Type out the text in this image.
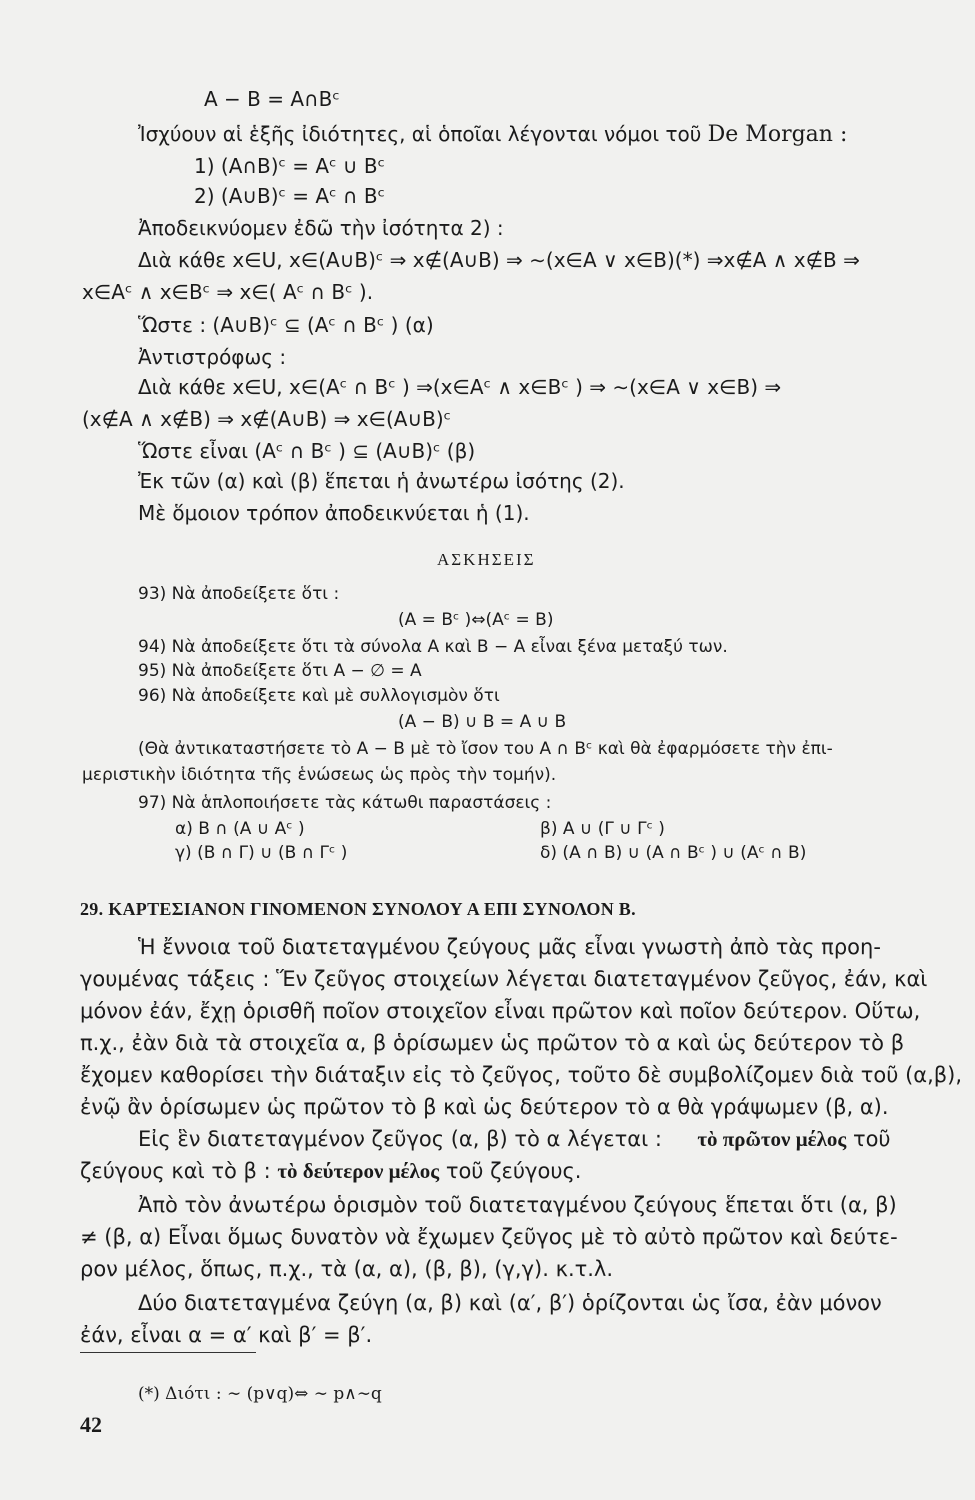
A − B = A∩Bᶜ
Ἰσχύουν αἱ ἑξῆς ἰδιότητες, αἱ ὁποῖαι λέγονται νόμοι τοῦ De Morgan :
1) (A∩B)ᶜ = Aᶜ ∪ Bᶜ
2) (A∪B)ᶜ = Aᶜ ∩ Bᶜ
Ἀποδεικνύομεν ἐδῶ τὴν ἰσότητα 2) :
Διὰ κάθε x∈U, x∈(A∪B)ᶜ ⇒ x∉(A∪B) ⇒ ∼(x∈A ∨ x∈B)(*) ⇒x∉A ∧ x∉B ⇒
x∈Aᶜ ∧ x∈Bᶜ ⇒ x∈( Aᶜ ∩ Bᶜ ).
Ὥστε : (A∪B)ᶜ ⊆ (Aᶜ ∩ Bᶜ ) (α)
Ἀντιστρόφως :
Διὰ κάθε x∈U, x∈(Aᶜ ∩ Bᶜ ) ⇒(x∈Aᶜ ∧ x∈Bᶜ ) ⇒ ∼(x∈A ∨ x∈B) ⇒
(x∉A ∧ x∉B) ⇒ x∉(A∪B) ⇒ x∈(A∪B)ᶜ
Ὥστε εἶναι (Aᶜ ∩ Bᶜ ) ⊆ (A∪B)ᶜ (β)
Ἐκ τῶν (α) καὶ (β) ἕπεται ἡ ἀνωτέρω ἰσότης (2).
Μὲ ὅμοιον τρόπον ἀποδεικνύεται ἡ (1).
ΑΣΚΗΣΕΙΣ
93) Νὰ ἀποδείξετε ὅτι :
(A = Bᶜ )⇔(Aᶜ = B)
94) Νὰ ἀποδείξετε ὅτι τὰ σύνολα A καὶ B − A εἶναι ξένα μεταξύ των.
95) Νὰ ἀποδείξετε ὅτι A − ∅ = A
96) Νὰ ἀποδείξετε καὶ μὲ συλλογισμὸν ὅτι
(A − B) ∪ B = A ∪ B
(Θὰ ἀντικαταστήσετε τὸ A − B μὲ τὸ ἴσον του A ∩ Bᶜ καὶ θὰ ἐφαρμόσετε τὴν ἐπι-
μεριστικὴν ἰδιότητα τῆς ἑνώσεως ὡς πρὸς τὴν τομήν).
97) Νὰ ἁπλοποιήσετε τὰς κάτωθι παραστάσεις :
α) B ∩ (A ∪ Aᶜ )	β) A ∪ (Γ ∪ Γᶜ )
γ) (B ∩ Γ) ∪ (B ∩ Γᶜ )	δ) (A ∩ B) ∪ (A ∩ Bᶜ ) ∪ (Aᶜ ∩ B)
29. ΚΑΡΤΕΣΙΑΝΟΝ ΓΙΝΟΜΕΝΟΝ ΣΥΝΟΛΟΥ Α ΕΠΙ ΣΥΝΟΛΟΝ Β.
Ἡ ἔννοια τοῦ διατεταγμένου ζεύγους μᾶς εἶναι γνωστὴ ἀπὸ τὰς προη-
γουμένας τάξεις : Ἕν ζεῦγος στοιχείων λέγεται διατεταγμένον ζεῦγος, ἐάν, καὶ
μόνον ἐάν, ἔχῃ ὁρισθῆ ποῖον στοιχεῖον εἶναι πρῶτον καὶ ποῖον δεύτερον. Οὕτω,
π.χ., ἐὰν διὰ τὰ στοιχεῖα α, β ὁρίσωμεν ὡς πρῶτον τὸ α καὶ ὡς δεύτερον τὸ β
ἔχομεν καθορίσει τὴν διάταξιν εἰς τὸ ζεῦγος, τοῦτο δὲ συμβολίζομεν διὰ τοῦ (α,β),
ἐνῷ ἂν ὁρίσωμεν ὡς πρῶτον τὸ β καὶ ὡς δεύτερον τὸ α θὰ γράψωμεν (β, α).
Εἰς ἓν διατεταγμένον ζεῦγος (α, β) τὸ α λέγεται : τὸ πρῶτον μέλος τοῦ
ζεύγους καὶ τὸ β : τὸ δεύτερον μέλος τοῦ ζεύγους.
Ἀπὸ τὸν ἀνωτέρω ὁρισμὸν τοῦ διατεταγμένου ζεύγους ἕπεται ὅτι (α, β)
≠ (β, α) Εἶναι ὅμως δυνατὸν νὰ ἔχωμεν ζεῦγος μὲ τὸ αὐτὸ πρῶτον καὶ δεύτε-
ρον μέλος, ὅπως, π.χ., τὰ (α, α), (β, β), (γ,γ). κ.τ.λ.
Δύο διατεταγμένα ζεύγη (α, β) καὶ (α′, β′) ὁρίζονται ὡς ἴσα, ἐὰν μόνον
ἐάν, εἶναι α = α′ καὶ β′ = β′.
(*) Διότι : ∼ (p∨q)⇔ ∼ p∧∼q
42
